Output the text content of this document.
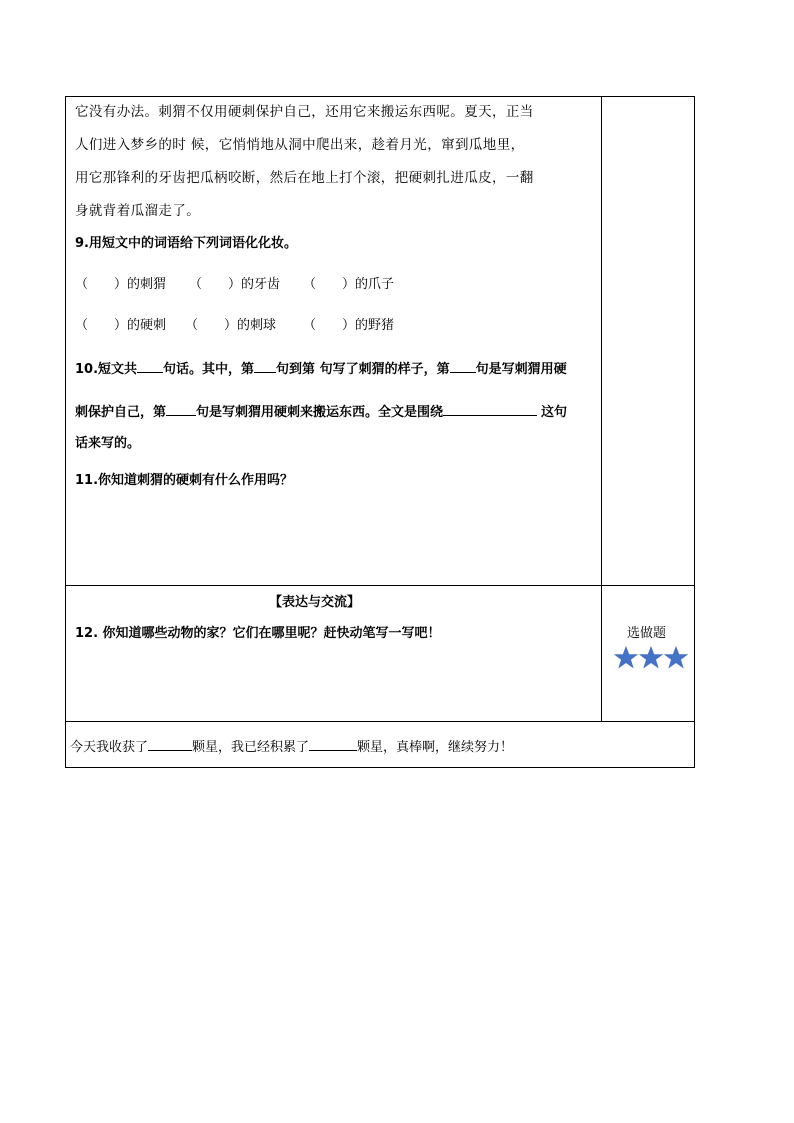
它没有办法。刺猬不仅用硬刺保护自己，还用它来搬运东西呢。夏天，正当
人们进入梦乡的时 候，它悄悄地从洞中爬出来，趁着月光，窜到瓜地里，
用它那锋利的牙齿把瓜柄咬断，然后在地上打个滚，把硬刺扎进瓜皮，一翻
身就背着瓜溜走了。
9.用短文中的词语给下列词语化化妆。
（　　）的刺猬 （　　）的牙齿 （　　）的爪子
（　　）的硬刺 （　　）的刺球 （　　）的野猪
10.短文共 句话。其中，第 句到第 句写了刺猬的样子，第 句是写刺猬用硬
刺保护自己，第 句是写刺猬用硬刺来搬运东西。全文是围绕	这句
话来写的。
11.你知道刺猬的硬刺有什么作用吗？
【表达与交流】
12. 你知道哪些动物的家？它们在哪里呢？赶快动笔写一写吧！	选做题
今天我收获了	颗星，我已经积累了	颗星，真棒啊，继续努力！
